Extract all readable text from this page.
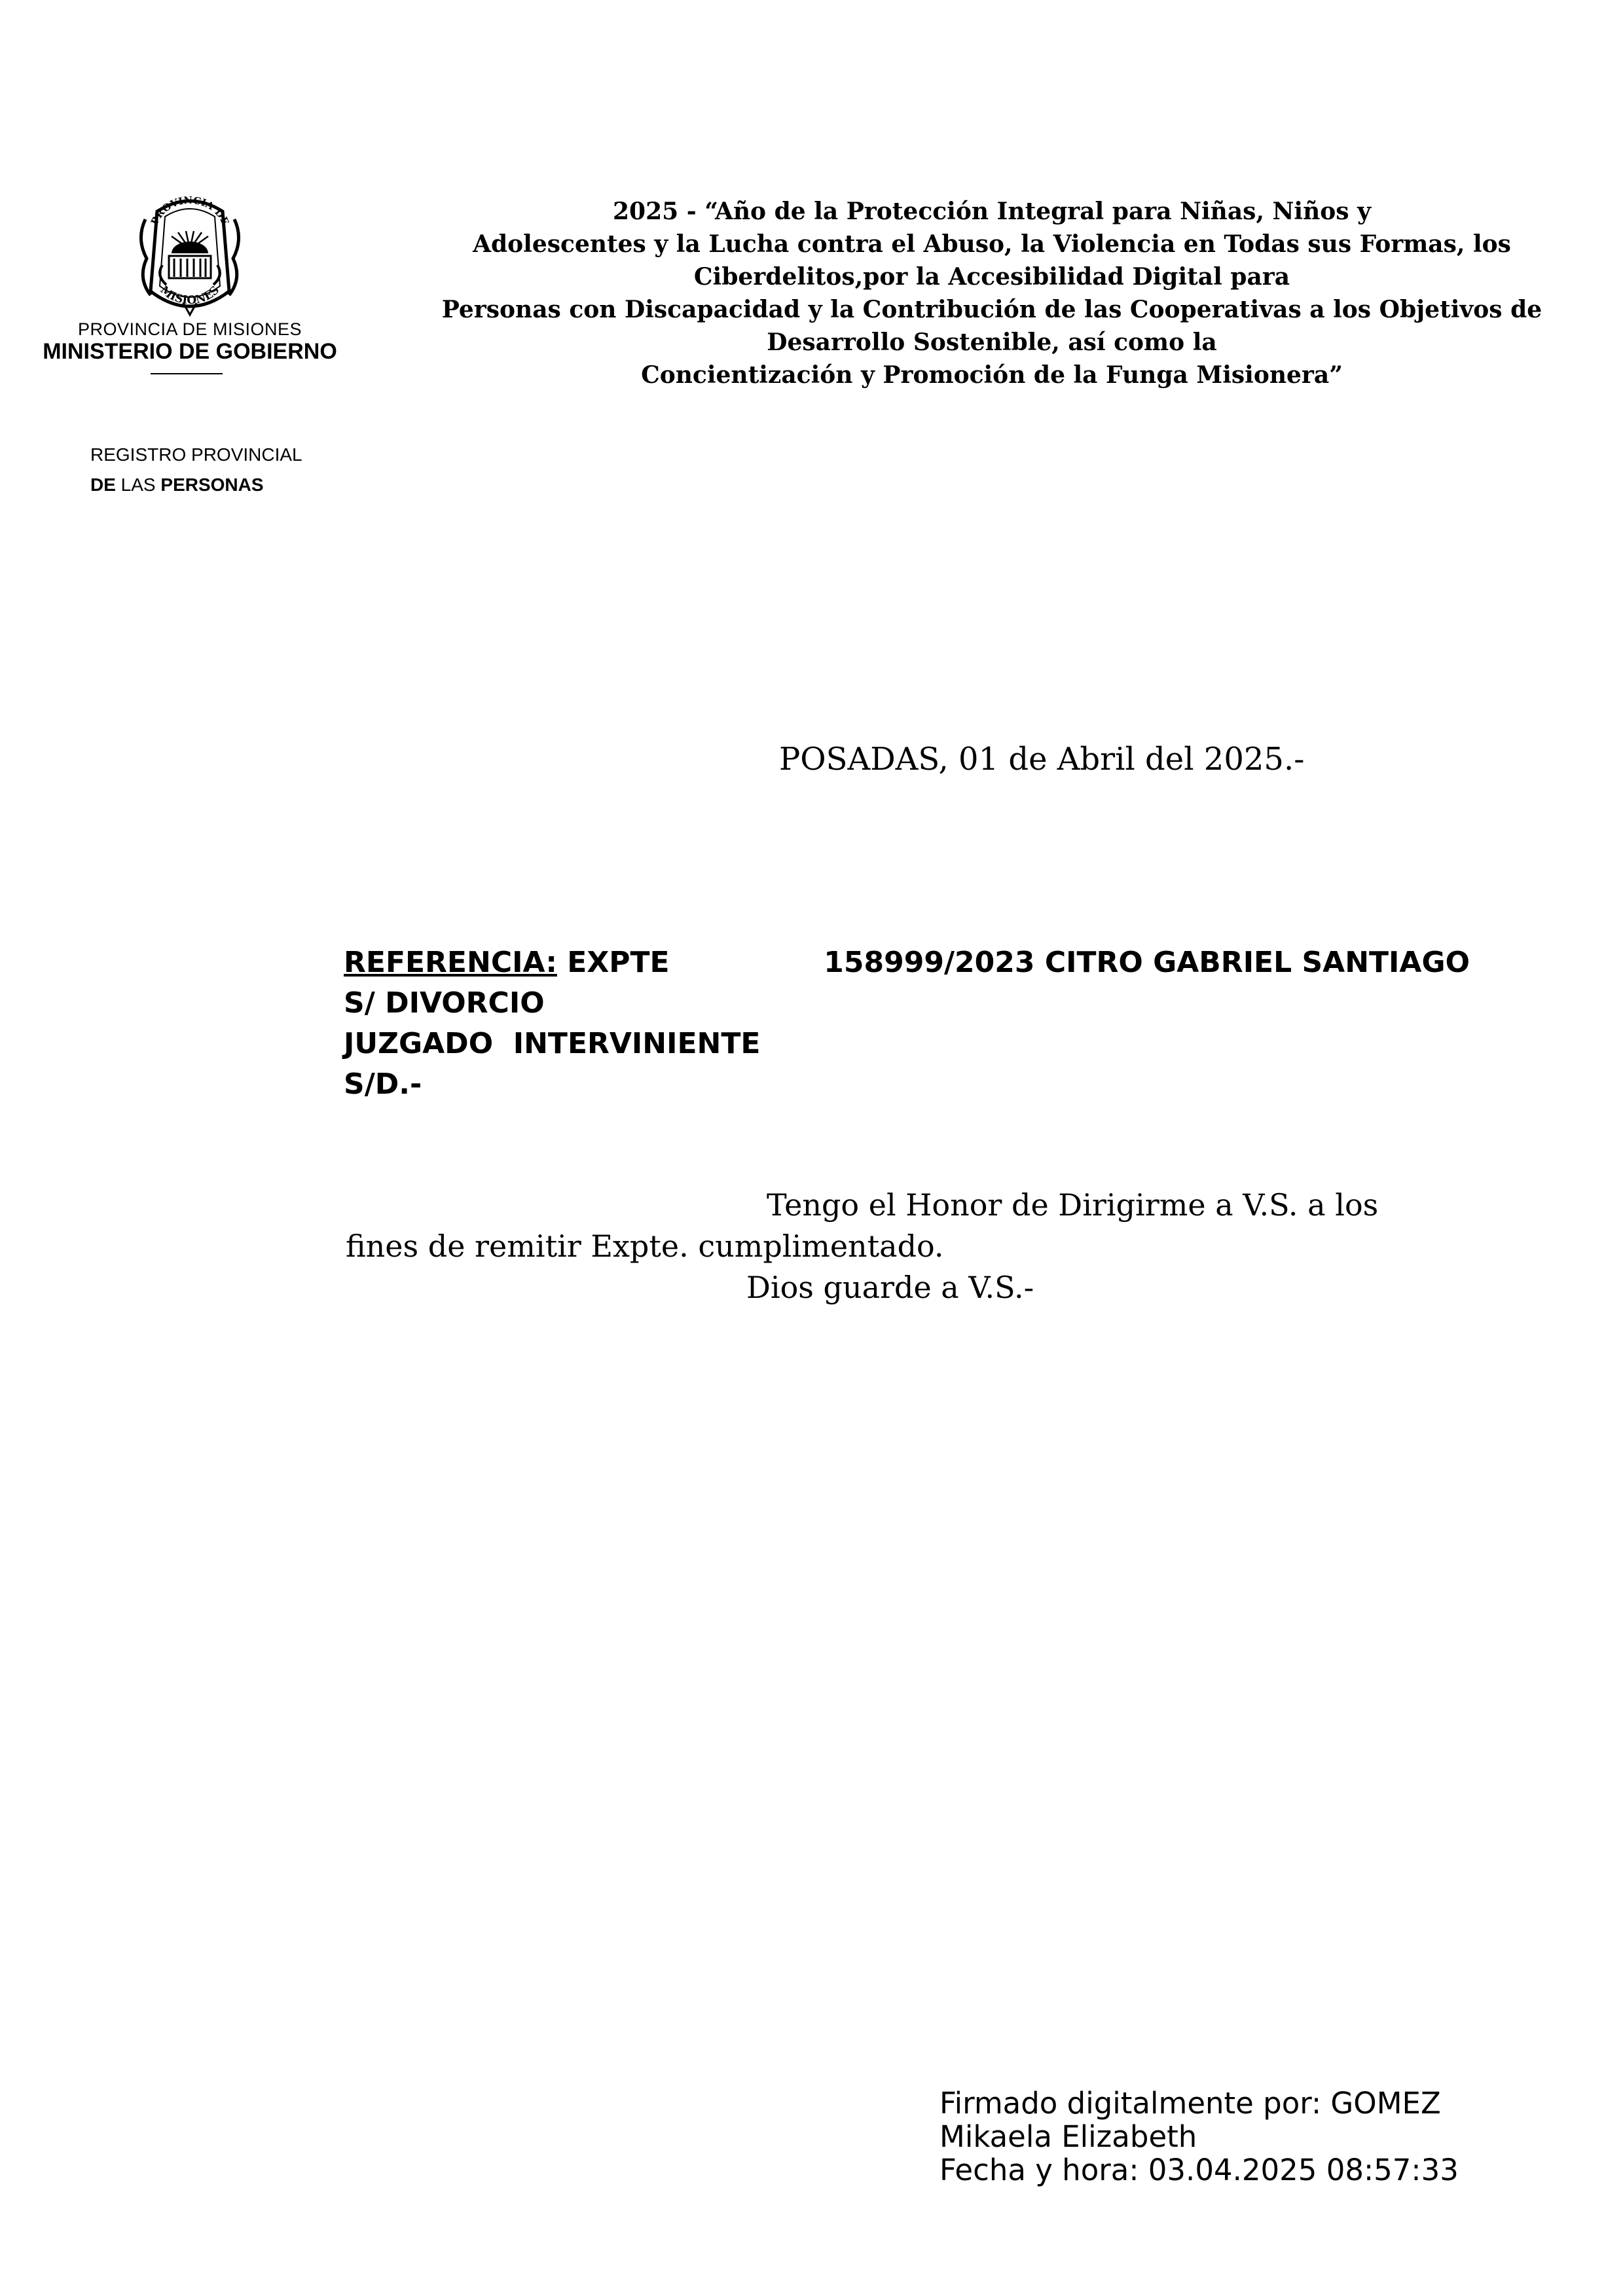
PROVINCIA DE
MISIONES
PROVINCIA DE MISIONES
MINISTERIO DE GOBIERNO
2025 - “Año de la Protección Integral para Niñas, Niños y
Adolescentes y la Lucha contra el Abuso, la Violencia en Todas sus Formas, los
Ciberdelitos,por la Accesibilidad Digital para
Personas con Discapacidad y la Contribución de las Cooperativas a los Objetivos de
Desarrollo Sostenible, así como la
Concientización y Promoción de la Funga Misionera”
REGISTRO PROVINCIAL
DE LAS PERSONAS
POSADAS, 01 de Abril del 2025.-
REFERENCIA: EXPTE	158999/2023 CITRO GABRIEL SANTIAGO
S/ DIVORCIO
JUZGADO  INTERVINIENTE
S/D.-
Tengo el Honor de Dirigirme a V.S. a los
fines de remitir Expte. cumplimentado.
Dios guarde a V.S.-
Firmado digitalmente por: GOMEZ
Mikaela Elizabeth
Fecha y hora: 03.04.2025 08:57:33
